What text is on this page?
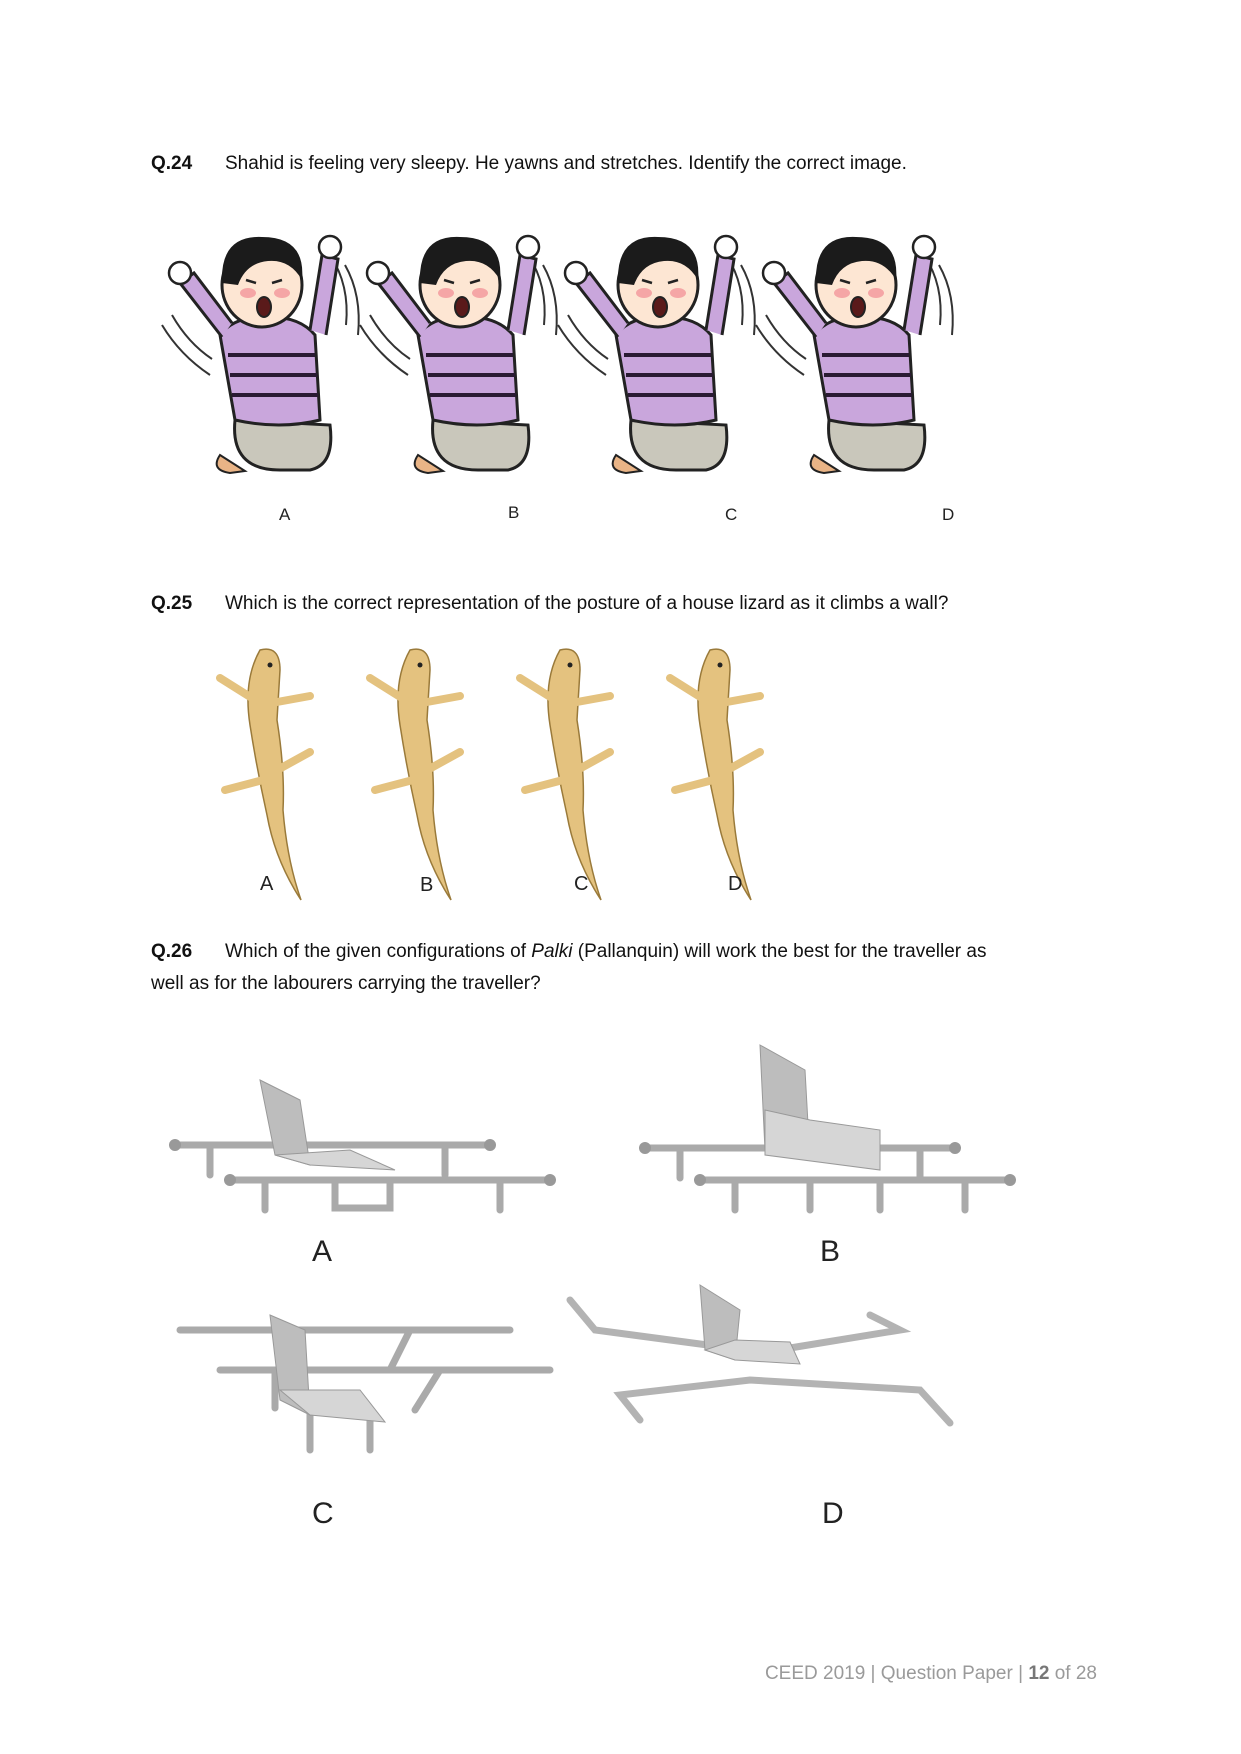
Q.24 Shahid is feeling very sleepy. He yawns and stretches. Identify the correct image.
A	B	C	D
Q.25 Which is the correct representation of the posture of a house lizard as it climbs a wall?
A	B	C	D
Q.26 Which of the given configurations of Palki (Pallanquin) will work the best for the traveller as
well as for the labourers carrying the traveller?
A	B
C	D
CEED 2019 | Question Paper | 12 of 28
